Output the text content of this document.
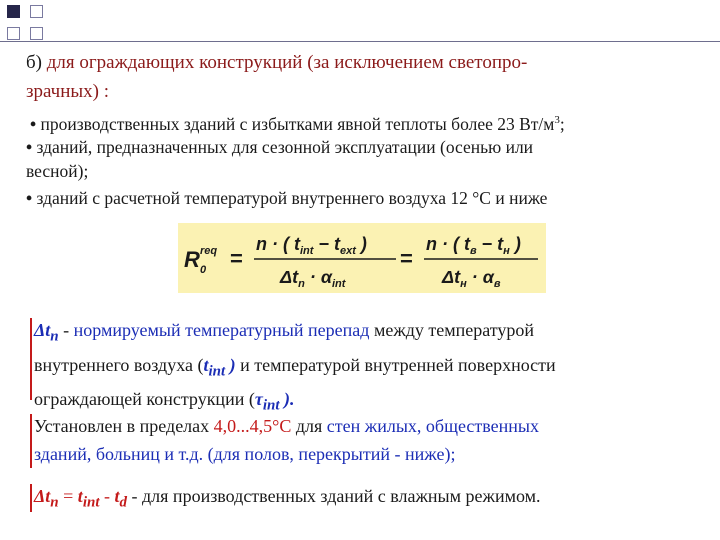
б) для ограждающих конструкций (за исключением светопро-
зрачных) :
• производственных зданий с избытками явной теплоты более 23 $Вт/м^3$;
• зданий, предназначенных для сезонной эксплуатации (осенью или
весной);
• зданий с расчетной температурой внутреннего воздуха 12 °С и ниже
R req
0 =
n · ( $t_{int} - t_{ext}$ )
$\Delta t_n \cdot \alpha_{int}$
=
n · ( $t_в - t_н$ )
$\Delta t_н \cdot \alpha_в$
$\Delta t_n$ - нормируемый температурный перепад между температурой
внутреннего воздуха ($t_{int}$ ) и температурой внутренней поверхности
ограждающей конструкции ($\tau_{int}$ ).
Установлен в пределах 4,0...4,5°С для стен жилых, общественных
зданий, больниц и т.д. (для полов, перекрытий - ниже);
$\Delta t_n = t_{int} - t_d$ - для производственных зданий с влажным режимом.
